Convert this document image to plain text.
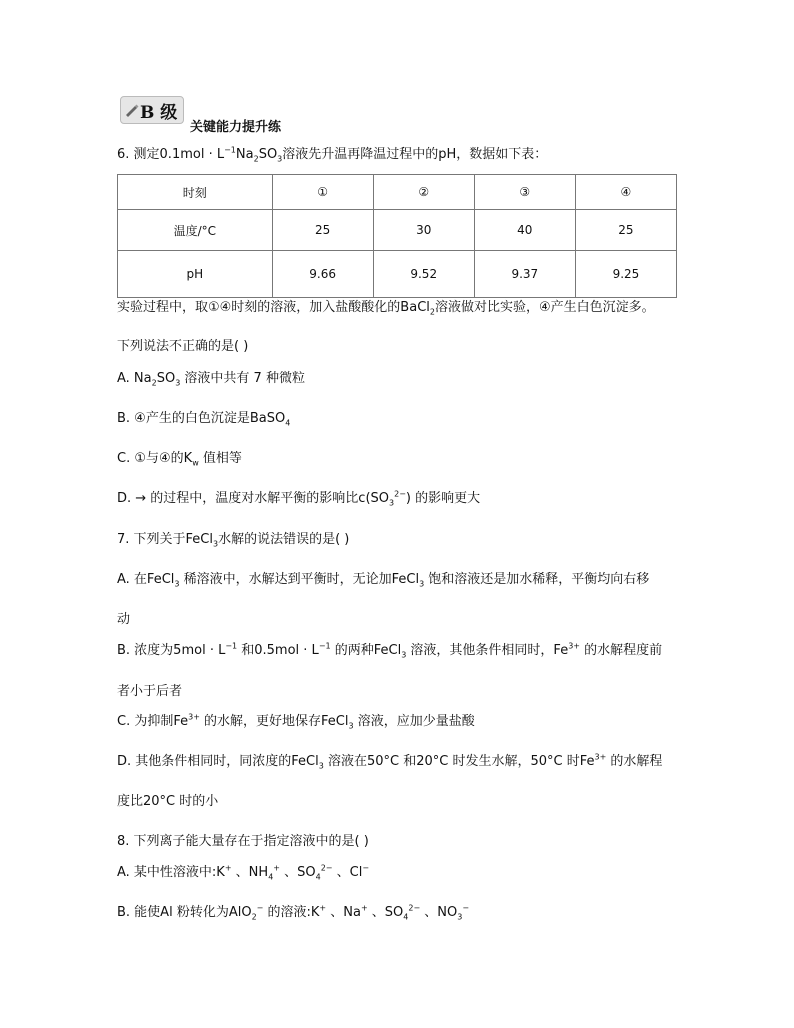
B 级
关键能力提升练
6. 测定$0.1mol \cdot L^{-1}Na_2SO_3$溶液先升温再降温过程中的pH，数据如下表：
时刻	①	②	③	④
温度/°C	25	30	40	25
pH	9.66	9.52	9.37	9.25
实验过程中，取①④时刻的溶液，加入盐酸酸化的BaCl$_2$溶液做对比实验，④产生白色沉淀多。
下列说法不正确的是( )
A. $Na_2SO_3$ 溶液中共有 7 种微粒
B. ④产生的白色沉淀是BaSO$_4$
C. ①与④的$K_w$ 值相等
D. → 的过程中，温度对水解平衡的影响比$c(SO_3^{2-})$ 的影响更大
7. 下列关于FeCl$_3$水解的说法错误的是( )
A. 在FeCl$_3$ 稀溶液中，水解达到平衡时，无论加FeCl$_3$ 饱和溶液还是加水稀释，平衡均向右移
动
B. 浓度为$5mol \cdot L^{-1}$ 和$0.5mol \cdot L^{-1}$ 的两种FeCl$_3$ 溶液，其他条件相同时，$Fe^{3+}$ 的水解程度前
者小于后者
C. 为抑制$Fe^{3+}$ 的水解，更好地保存FeCl$_3$ 溶液，应加少量盐酸
D. 其他条件相同时，同浓度的FeCl$_3$ 溶液在50°C 和20°C 时发生水解，50°C 时$Fe^{3+}$ 的水解程
度比20°C 时的小
8. 下列离子能大量存在于指定溶液中的是( )
A. 某中性溶液中:K+ 、$NH_4^+$ 、$SO_4^{2-}$ 、Cl−
B. 能使Al 粉转化为AlO$_2$− 的溶液:K+ 、Na+ 、$SO_4^{2-}$ 、$NO_3^-$
